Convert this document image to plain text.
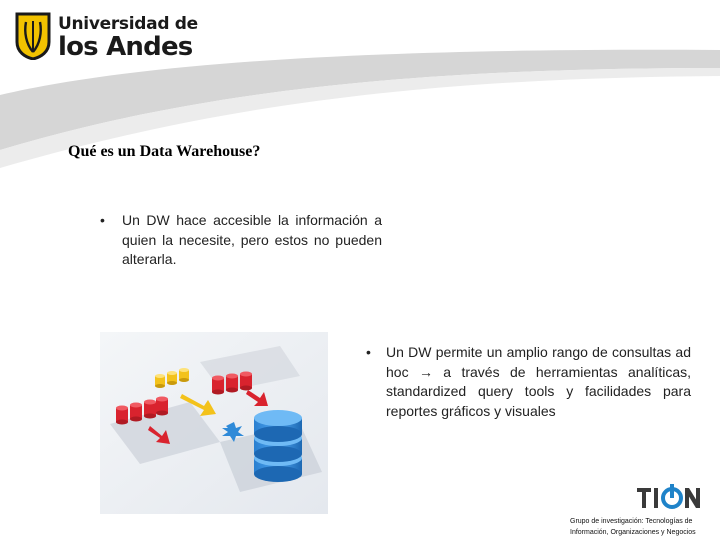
Universidad de
los Andes
Qué es un Data Warehouse?
• Un DW hace accesible la información a quien la necesite, pero estos no pueden alterarla.
• Un DW permite un amplio rango de consultas ad hoc → a través de herramientas analíticas, standardized query tools y facilidades para reportes gráficos y visuales
Grupo de investigación: Tecnologías de
Información, Organizaciones y Negocios
